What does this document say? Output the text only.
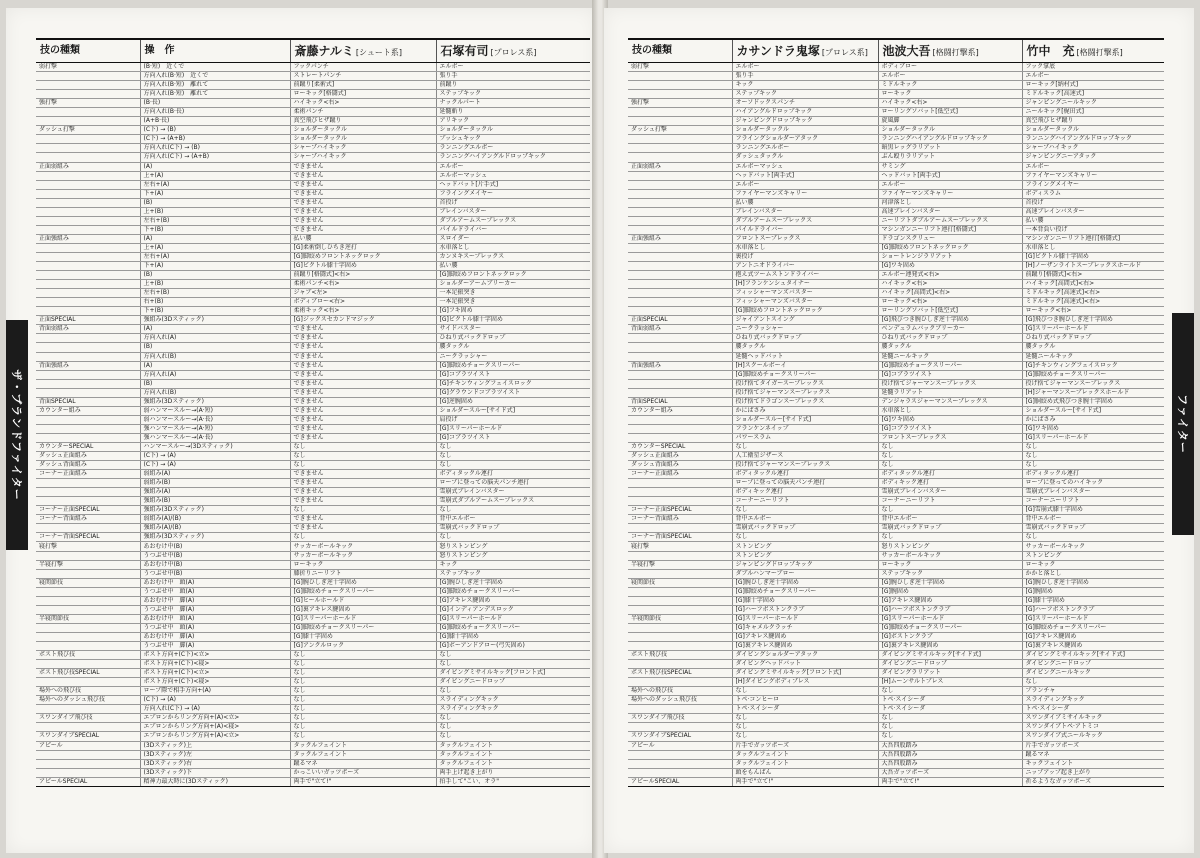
ザ・ブランドファイター
技の種類	操　作	斎藤ナルミ [シュート系]	石塚有司 [プロレス系]
弱打撃	(B·短)　近くで	フックパンチ	エルボー
	方向入れ(B·短)　近くで	ストレートパンチ	張り手
	方向入れ(B·短)　離れて	前蹴り[柔術式]	前蹴り
	方向入れ(B·短)　離れて	ローキック[格闘式]	ステップキック
強打撃	(B·長)	ハイキック<右>	ナックルパート
	方向入れ(B·長)	柔術パンチ	延髄斬り
	(A+B·長)	真空飛びヒザ蹴り	アリキック
ダッシュ打撃	(C下) → (B)	ショルダータックル	ショルダータックル
	(C下) → (A+B)	ショルダータックル	プッシュキック
	方向入れ(C下) → (B)	シャープハイキック	ランニングエルボー
	方向入れ(C下) → (A+B)	シャープハイキック	ランニングハイアングルドロップキック
正面弱組み	(A)	できません	エルボー
	上+(A)	できません	エルボーマッシュ
	左右+(A)	できません	ヘッドバット[片手式]
	下+(A)	できません	フライングメイヤー
	(B)	できません	首投げ
	上+(B)	できません	ブレインバスター
	左右+(B)	できません	ダブルアームスープレックス
	下+(B)	できません	パイルドライバー
正面強組み	(A)	払い腰	スロイダー
	上+(A)	[G]柔術倒しひちき逆打	水車落とし
	左右+(A)	[G]脚絞めフロントネックロック	カンヌキスープレックス
	下+(A)	[G]ビクトル膝十字固め	払い腰
	(B)	前蹴り[格闘式]<右>	[G]脚絞めフロントネックロック
	上+(B)	柔術パンチ<右>	ショルダーアームブリーカー
	左右+(B)	ジャブ<左>	一本足振突き
	右+(B)	ボディブロー<右>	一本足振突き
	下+(B)	柔術キック<右>	[G]フキ固め
正面SPECIAL	強組み(3Dスティック)	[G]ジックスセカンドマジック	[G]ビクトル膝十字固め
背面弱組み	(A)	できません	サイドバスター
	方向入れ(A)	できません	ひねり式バックドロップ
	(B)	できません	腰タックル
	方向入れ(B)	できません	ニークラッシャー
背面強組み	(A)	できません	[G]脚絞めチョークスリーパー
	方向入れ(A)	できません	[G]コブラツイスト
	(B)	できません	[G]チキンウィングフェイスロック
	方向入れ(B)	できません	[G]グラウンドコブラツイスト
背面SPECIAL	強組み(3Dスティック)	できません	[G]逆腕固め
カウンター組み	弱ハンマースルー→(A·短)	できません	ショルダースルー[サイド式]
	弱ハンマースルー→(A·長)	できません	肩投げ
	強ハンマースルー→(A·短)	できません	[G]スリーパーホールド
	強ハンマースルー→(A·長)	できません	[G]コブラツイスト
カウンターSPECIAL	ハンマースルー→(3Dスティック)	なし	なし
ダッシュ正面組み	(C下) → (A)	なし	なし
ダッシュ背面組み	(C下) → (A)	なし	なし
コーナー正面組み	弱組み(A)	できません	ボディタックル連打
	弱組み(B)	できません	ロープに登っての脳天パンチ連打
	強組み(A)	できません	雪崩式ブレインバスター
	強組み(B)	できません	雪崩式ダブルアームスープレックス
コーナー正面SPECIAL	強組み(3Dスティック)	なし	なし
コーナー背面組み	弱組み(A)/(B)	できません	背中エルボー
	強組み(A)/(B)	できません	雪崩式バックドロップ
コーナー背面SPECIAL	強組み(3Dスティック)	なし	なし
寝打撃	あおむけ中(B)	サッカーボールキック	怒りストンピング
	うつぶせ中(B)	サッカーボールキック	怒りストンピング
半寝打撃	あおむけ中(B)	ローキック	キック
	うつぶせ中(B)	膝折りニーリフト	ステップキック
寝関節技	あおむけ中　頭(A)	[G]腕ひしぎ逆十字固め	[G]腕ひしぎ逆十字固め
	うつぶせ中　頭(A)	[G]脚絞めチョークスリーパー	[G]脚絞めチョークスリーパー
	あおむけ中　脚(A)	[G]ヒールホールド	[G]アキレス腱固め
	うつぶせ中　脚(A)	[G]裏アキレス腱固め	[G]インディアンデスロック
半寝関節技	あおむけ中　頭(A)	[G]スリーパーホールド	[G]スリーパーホールド
	うつぶせ中　頭(A)	[G]脚絞めチョークスリーパー	[G]脚絞めチョークスリーパー
	あおむけ中　脚(A)	[G]膝十字固め	[G]膝十字固め
	うつぶせ中　脚(A)	[G]アンクルロック	[G]ボーアンドアロー(弓矢固め)
ポスト飛び技	ポスト方向+(C下)<立>	なし	なし
	ポスト方向+(C下)<寝>	なし	なし
ポスト飛び技SPECIAL	ポスト方向+(C下)<立>	なし	ダイビングミサイルキック[フロント式]
	ポスト方向+(C下)<寝>	なし	ダイビングニードロップ
場外への飛び技	ロープ際で相手方向+(A)	なし	なし
場外へのダッシュ飛び技	(C下) → (A)	なし	スライディングキック
	方向入れ(C下) → (A)	なし	スライディングキック
スワンダイブ飛び技	エプロンからリング方向+(A)<立>	なし	なし
	エプロンからリング方向+(A)<寝>	なし	なし
スワンダイブSPECIAL	エプロンからリング方向+(A)<立>	なし	なし
アピール	(3Dスティック)上	タックルフェイント	タックルフェイント
	(3Dスティック)左	タックルフェイント	タックルフェイント
	(3Dスティック)右	蹴るマネ	タックルフェイント
	(3Dスティック)下	かっこいいガッツポーズ	両手上げ起き上がり
アピールSPECIAL	精神力最大時に(3Dスティック)	両手で"立て!"	拍手して"こい、オラ"
技の種類	カサンドラ鬼塚 [プロレス系]	池波大吾 [格闘打撃系]	竹中　充 [格闘打撃系]
弱打撃	エルボー	ボディブロー	フック掌底
	張り手	エルボー	エルボー
	キック	ミドルキック	ローキック[納村式]
	ステップキック	ローキック	ミドルキック[高速式]
強打撃	オーソドックスパンチ	ハイキック<右>	ジャンピングニールキック
	ハイアングルドロップキック	ローリングソバット[低空式]	ニールキック[梶田式]
	ジャンピングドロップキック	旋風脚	真空飛びヒザ蹴り
ダッシュ打撃	ショルダータックル	ショルダータックル	ショルダータックル
	フライングショルダーアタック	ランニングハイアングルドロップキック	ランニングハイアングルドロップキック
	ランニングエルボー	暗黒レッグラリアット	シャープハイキック
	ダッシュタックル	ぶん殴りラリアット	ジャンピングニーアタック
正面弱組み	エルボーマッシュ	サミング	エルボー
	ヘッドバット[両手式]	ヘッドバット[両手式]	ファイヤーマンズキャリー
	エルボー	エルボー	フライングメイヤー
	ファイヤーマンズキャリー	ファイヤーマンズキャリー	ボディスラム
	払い腰	河津落とし	首投げ
	ブレインバスター	高速ブレインバスター	高速ブレインバスター
	ダブルアームスープレックス	ニーリフトダブルアームスープレックス	払い腰
	パイルドライバー	マシンガンニーリフト連打[格闘式]	一本背負い投げ
正面強組み	フロントスープレックス	ドラゴンスクリュー	マシンガンニーリフト連打[格闘式]
	水車落とし	[G]脚絞めフロントネックロック	水車落とし
	裏投げ	ショートレンジラリアット	[G]ビクトル膝十字固め
	アントニオドライバー	[G]ワキ固め	[H]ノーザンライトスープレックスホールド
	抱え式ツームストンドライバー	エルボー連発式<右>	前蹴り[格闘式]<右>
	[H]フランケンシュタイナー	ハイキック<右>	ハイキック[高間式]<右>
	フィッシャーマンズバスター	ハイキック[高間式]<右>	ミドルキック[高速式]<右>
	フィッシャーマンズバスター	ローキック<右>	ミドルキック[高速式]<右>
	[G]脚絞めフロントネックロック	ローリングソバット[低空式]	ローキック<右>
正面SPECIAL	ジャイアントスイング	[G]飛びつき腕ひしぎ逆十字固め	[G]飛びつき腕ひしぎ逆十字固め
背面弱組み	ニークラッシャー	ベンデュラムバックブリーカー	[G]スリーパーホールド
	ひねり式バックドロップ	ひねり式バックドロップ	ひねり式バックドロップ
	腰タックル	腰タックル	腰タックル
	延髄ヘッドバット	延髄ニールキック	延髄ニールキック
背面強組み	[H]スクールボーイ	[G]脚絞めチョークスリーパー	[G]チキンウィングフェイスロック
	[G]脚絞めチョークスリーパー	[G]コブラツイスト	[G]脚絞めチョークスリーパー
	投げ捨てタイガースープレックス	投げ捨てジャーマンスープレックス	投げ捨てジャーマンスープレックス
	投げ捨てジャーマンスープレックス	延髄ラリアット	[H]ジャーマンスープレックスホールド
背面SPECIAL	投げ捨てドラゴンスープレックス	デンジャラスジャーマンスープレックス	[G]胴絞め式飛びつき腕十字固め
カウンター組み	かにばさみ	水車落とし	ショルダースルー[サイド式]
	ショルダースルー[サイド式]	[G]ワキ固め	かにばさみ
	フランケンネイップ	[G]コブラツイスト	[G]ワキ固め
	パワースラム	フロントスープレックス	[G]スリーパーホールド
カウンターSPECIAL	なし	なし	なし
ダッシュ正面組み	人工衛星ジザース	なし	なし
ダッシュ背面組み	投げ捨てジャーマンスープレックス	なし	なし
コーナー正面組み	ボディタックル連打	ボディタックル連打	ボディタックル連打
	ロープに登っての脳天パンチ連打	ボディキック連打	ロープに登ってのハイキック
	ボディキック連打	雪崩式ブレインバスター	雪崩式ブレインバスター
	コーナーニーリフト	コーナーニーリフト	コーナーニーリフト
コーナー正面SPECIAL	なし	なし	[G]雪崩式膝十字固め
コーナー背面組み	背中エルボー	背中エルボー	背中エルボー
	雪崩式バックドロップ	雪崩式バックドロップ	雪崩式バックドロップ
コーナー背面SPECIAL	なし	なし	なし
寝打撃	ストンピング	怒りストンピング	サッカーボールキック
	ストンピング	サッカーボールキック	ストンピング
半寝打撃	ジャンピングドロップキック	ローキック	ローキック
	ダブルハンマーブロー	ステップキック	かかと落とし
寝関節技	[G]腕ひしぎ逆十字固め	[G]腕ひしぎ逆十字固め	[G]腕ひしぎ逆十字固め
	[G]脚絞めチョークスリーパー	[G]腕固め	[G]腕固め
	[G]膝十字固め	[G]アキレス腱固め	[G]膝十字固め
	[G]ハーフボストンクラブ	[G]ハーフボストンクラブ	[G]ハーフボストンクラブ
半寝関節技	[G]スリーパーホールド	[G]スリーパーホールド	[G]スリーパーホールド
	[G]キャメルクラッチ	[G]脚絞めチョークスリーパー	[G]脚絞めチョークスリーパー
	[G]アキレス腱固め	[G]ボストンクラブ	[G]アキレス腱固め
	[G]裏アキレス腱固め	[G]裏アキレス腱固め	[G]裏アキレス腱固め
ポスト飛び技	ダイビングショルダーアタック	ダイビングミサイルキック[サイド式]	ダイビングミサイルキック[サイド式]
	ダイビングヘッドバット	ダイビングニードロップ	ダイビングニードロップ
ポスト飛び技SPECIAL	ダイビングミサイルキック[フロント式]	ダイビングラリアット	ダイビングニールキック
	[H]ダイビングボディプレス	[H]ムーンサルトプレス	なし
場外への飛び技	なし	なし	プランチャ
場外へのダッシュ飛び技	トペ·コンヒーロ	トペ·スイシーダ	スライディングキック
	トペ·スイシーダ	トペ·スイシーダ	トペ·スイシーダ
スワンダイブ飛び技	なし	なし	スワンダイブミサイルキック
	なし	なし	スワンダイブトペ·アトミコ
スワンダイブSPECIAL	なし	なし	スワンダイブ式ニールキック
アピール	片手でガッツポーズ	大吾四股踏み	片手でガッツポーズ
	タックルフェイント	大吾四股踏み	蹴るマネ
	タックルフェイント	大吾四股踏み	キックフェイント
	頭をもんぱん	大吾ガッツポーズ	ニップアップ起き上がり
アピールSPECIAL	両手で"立て!"	両手で"立て!"	祈るようなガッツポーズ
ファイター
